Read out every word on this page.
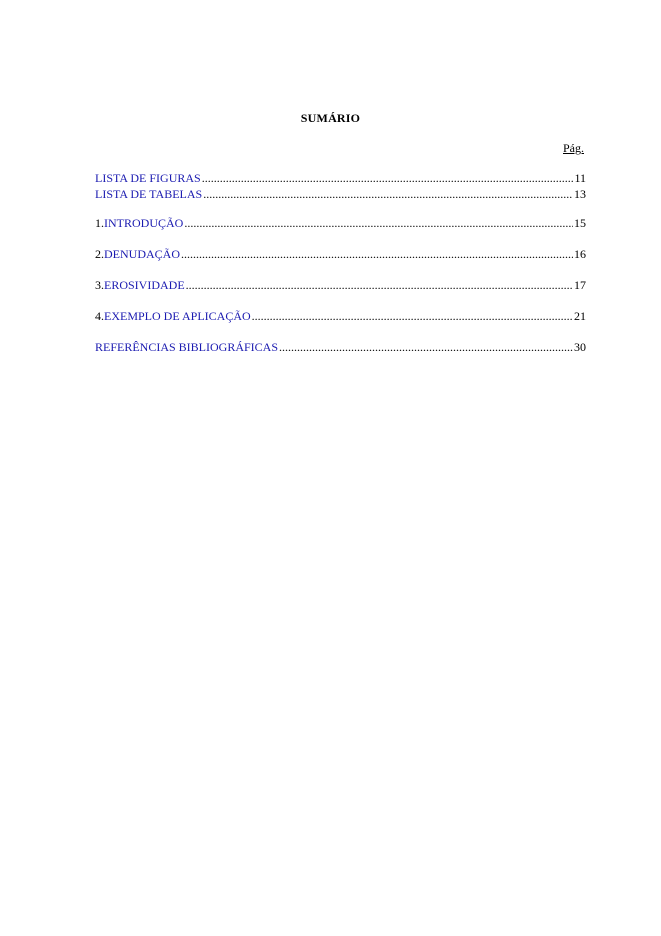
SUMÁRIO
Pág.
LISTA DE FIGURAS .....	11
LISTA DE TABELAS .....	13
1. INTRODUÇÃO .....	15
2. DENUDAÇÃO .....	16
3. EROSIVIDADE .....	17
4. EXEMPLO DE APLICAÇÃO .....	21
REFERÊNCIAS BIBLIOGRÁFICAS .....	30
